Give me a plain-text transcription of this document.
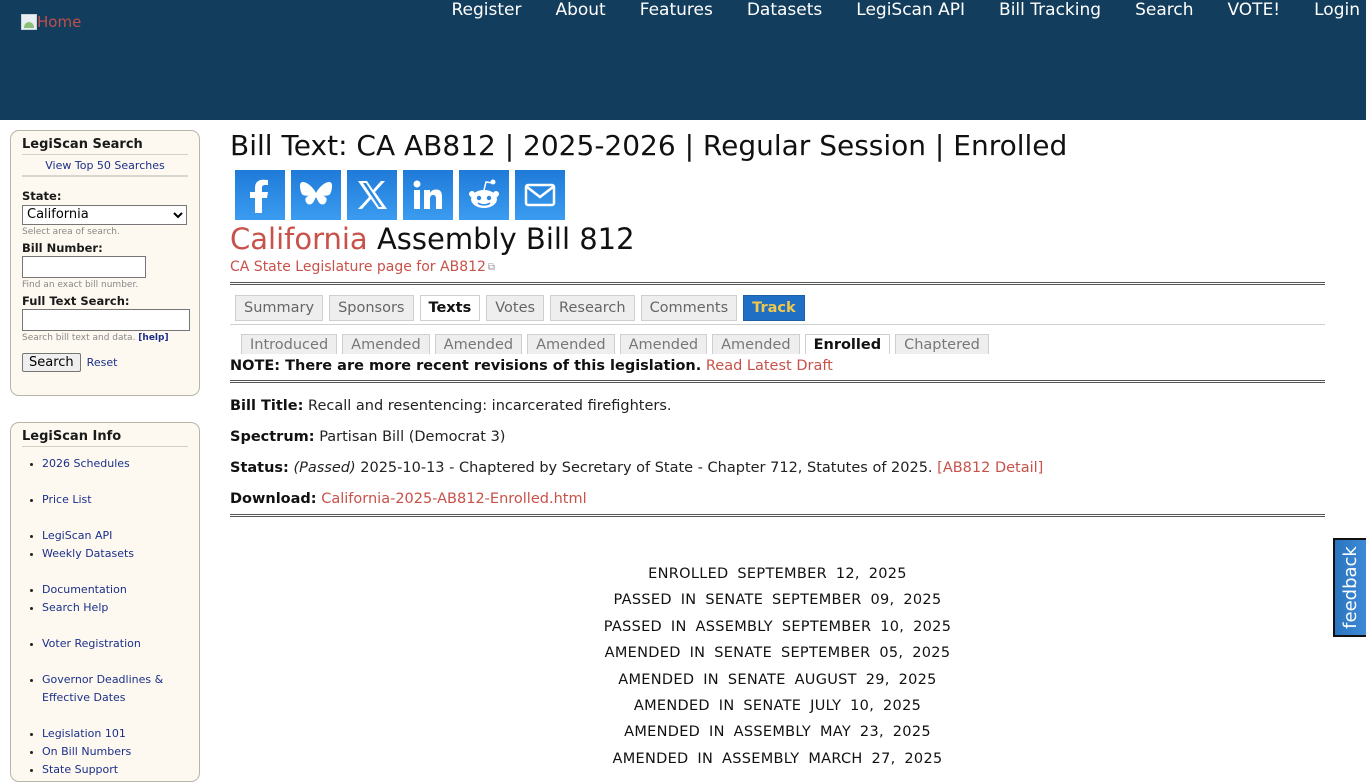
Home
Register	About	Features	Datasets	LegiScan API	Bill Tracking	Search	VOTE!	Login
LegiScan Search
View Top 50 Searches
State:
California
Select area of search.
Bill Number:
Find an exact bill number.
Full Text Search:
Search bill text and data. [help]
Search	Reset
LegiScan Info
• 2026 Schedules
• Price List
• LegiScan API
• Weekly Datasets
• Documentation
• Search Help
• Voter Registration
• Governor Deadlines & Effective Dates
• Legislation 101
• On Bill Numbers
• State Support
Bill Text: CA AB812 | 2025-2026 | Regular Session | Enrolled
California Assembly Bill 812
CA State Legislature page for AB812 ⧉
Summary	Sponsors	Texts	Votes	Research	Comments	Track
Introduced	Amended	Amended	Amended	Amended	Amended	Enrolled	Chaptered
NOTE: There are more recent revisions of this legislation. Read Latest Draft
Bill Title: Recall and resentencing: incarcerated firefighters.
Spectrum: Partisan Bill (Democrat 3)
Status: (Passed) 2025-10-13 - Chaptered by Secretary of State - Chapter 712, Statutes of 2025. [AB812 Detail]
Download: California-2025-AB812-Enrolled.html
ENROLLED SEPTEMBER 12, 2025
PASSED IN SENATE SEPTEMBER 09, 2025
PASSED IN ASSEMBLY SEPTEMBER 10, 2025
AMENDED IN SENATE SEPTEMBER 05, 2025
AMENDED IN SENATE AUGUST 29, 2025
AMENDED IN SENATE JULY 10, 2025
AMENDED IN ASSEMBLY MAY 23, 2025
AMENDED IN ASSEMBLY MARCH 27, 2025
feedback
